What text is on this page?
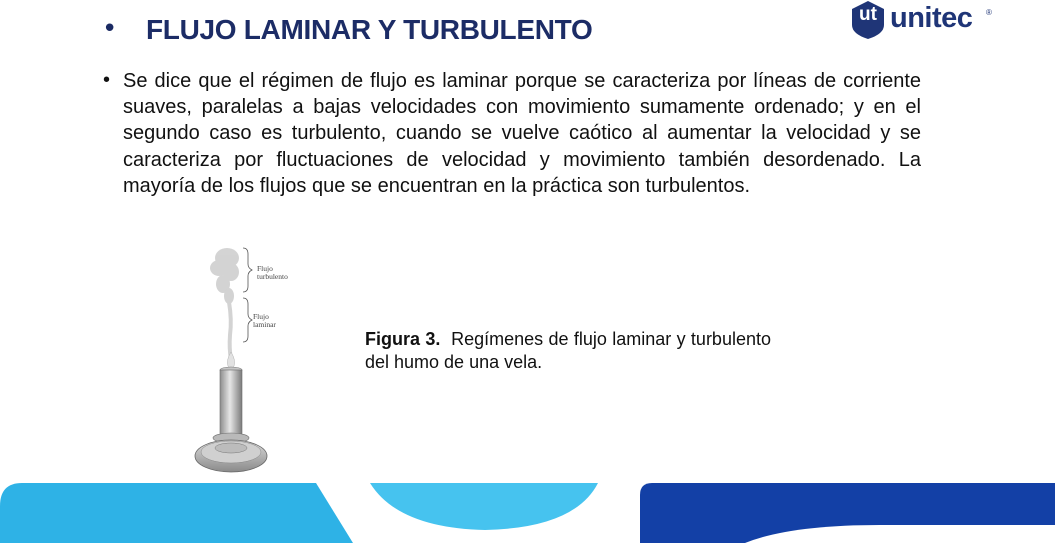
• FLUJO LAMINAR Y TURBULENTO	ut unitec ®
• Se dice que el régimen de flujo es laminar porque se caracteriza por líneas de corriente suaves, paralelas a bajas velocidades con movimiento sumamente ordenado; y en el segundo caso es turbulento, cuando se vuelve caótico al aumentar la velocidad y se caracteriza por fluctuaciones de velocidad y movimiento también desordenado. La mayoría de los flujos que se encuentran en la práctica son turbulentos.

Flujo
turbulento
Flujo
laminar

Figura 3. Regímenes de flujo laminar y turbulento del humo de una vela.
